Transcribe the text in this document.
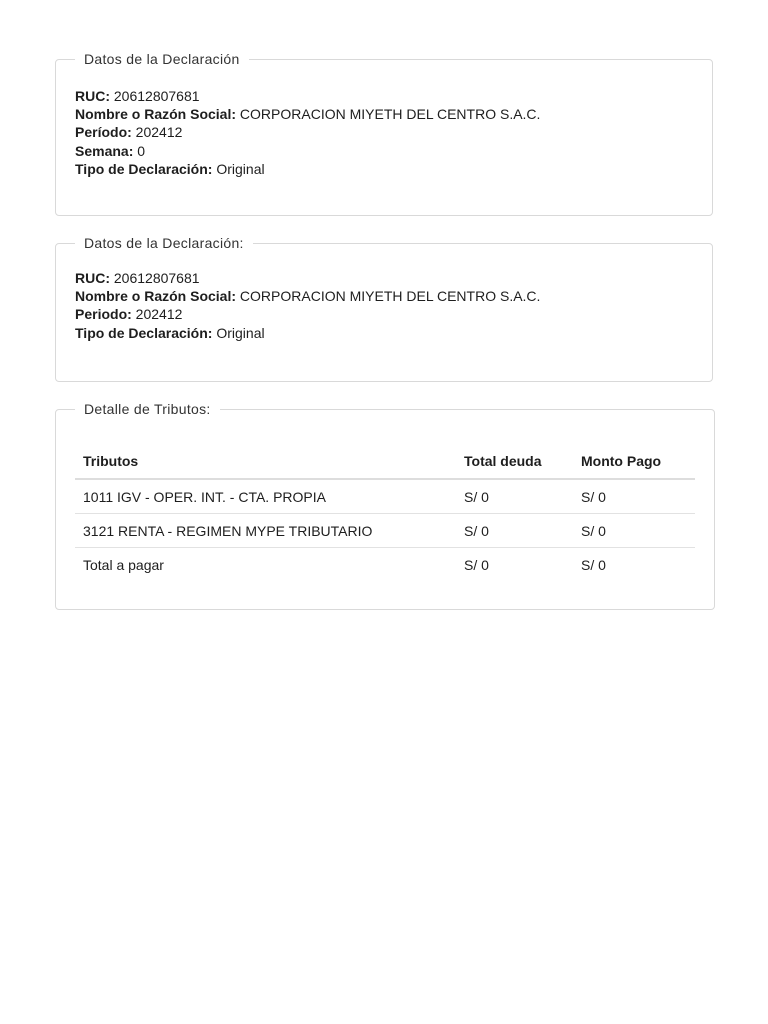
Datos de la Declaración
RUC: 20612807681
Nombre o Razón Social: CORPORACION MIYETH DEL CENTRO S.A.C.
Período: 202412
Semana: 0
Tipo de Declaración: Original
Datos de la Declaración:
RUC: 20612807681
Nombre o Razón Social: CORPORACION MIYETH DEL CENTRO S.A.C.
Periodo: 202412
Tipo de Declaración: Original
Detalle de Tributos:
Tributos	Total deuda	Monto Pago
1011 IGV - OPER. INT. - CTA. PROPIA	S/ 0	S/ 0
3121 RENTA - REGIMEN MYPE TRIBUTARIO	S/ 0	S/ 0
Total a pagar	S/ 0	S/ 0
